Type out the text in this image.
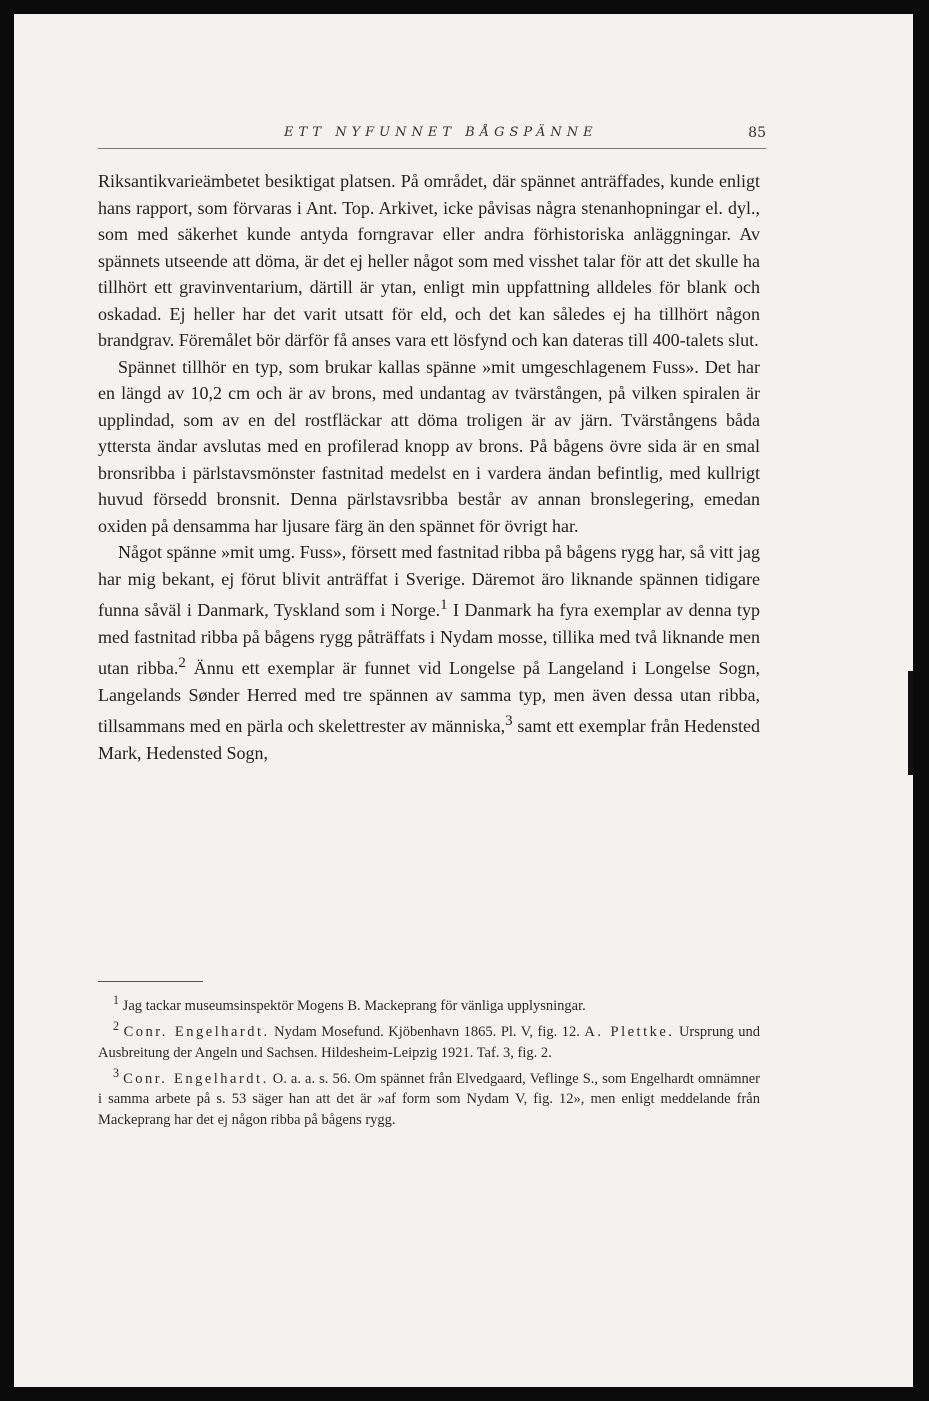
ETT NYFUNNET BÅGSPÄNNE	85

Riksantikvarieämbetet besiktigat platsen. På området, där spännet anträffades, kunde enligt hans rapport, som förvaras i Ant. Top. Arkivet, icke påvisas några stenanhopningar el. dyl., som med säkerhet kunde antyda forngravar eller andra förhistoriska anläggningar. Av spännets utseende att döma, är det ej heller något som med visshet talar för att det skulle ha tillhört ett gravinventarium, därtill är ytan, enligt min uppfattning alldeles för blank och oskadad. Ej heller har det varit utsatt för eld, och det kan således ej ha tillhört någon brandgrav. Föremålet bör därför få anses vara ett lösfynd och kan dateras till 400-talets slut.

Spännet tillhör en typ, som brukar kallas spänne »mit umgeschlagenem Fuss». Det har en längd av 10,2 cm och är av brons, med undantag av tvärstången, på vilken spiralen är upplindad, som av en del rostfläckar att döma troligen är av järn. Tvärstångens båda yttersta ändar avslutas med en profilerad knopp av brons. På bågens övre sida är en smal bronsribba i pärlstavsmönster fastnitad medelst en i vardera ändan befintlig, med kullrigt huvud försedd bronsnit. Denna pärlstavsribba består av annan bronslegering, emedan oxiden på densamma har ljusare färg än den spännet för övrigt har.

Något spänne »mit umg. Fuss», försett med fastnitad ribba på bågens rygg har, så vitt jag har mig bekant, ej förut blivit anträffat i Sverige. Däremot äro liknande spännen tidigare funna såväl i Danmark, Tyskland som i Norge.$^1$ I Danmark ha fyra exemplar av denna typ med fastnitad ribba på bågens rygg påträffats i Nydam mosse, tillika med två liknande men utan ribba.$^2$ Ännu ett exemplar är funnet vid Longelse på Langeland i Longelse Sogn, Langelands Sønder Herred med tre spännen av samma typ, men även dessa utan ribba, tillsammans med en pärla och skelettrester av människa,$^3$ samt ett exemplar från Hedensted Mark, Hedensted Sogn,

$^1$ Jag tackar museumsinspektör Mogens B. Mackeprang för vänliga upplysningar.

$^2$ Conr. Engelhardt. Nydam Mosefund. Kjöbenhavn 1865. Pl. V, fig. 12. A. Plettke. Ursprung und Ausbreitung der Angeln und Sachsen. Hildesheim-Leipzig 1921. Taf. 3, fig. 2.

$^3$ Conr. Engelhardt. O. a. a. s. 56. Om spännet från Elvedgaard, Veflinge S., som Engelhardt omnämner i samma arbete på s. 53 säger han att det är »af form som Nydam V, fig. 12», men enligt meddelande från Mackeprang har det ej någon ribba på bågens rygg.
